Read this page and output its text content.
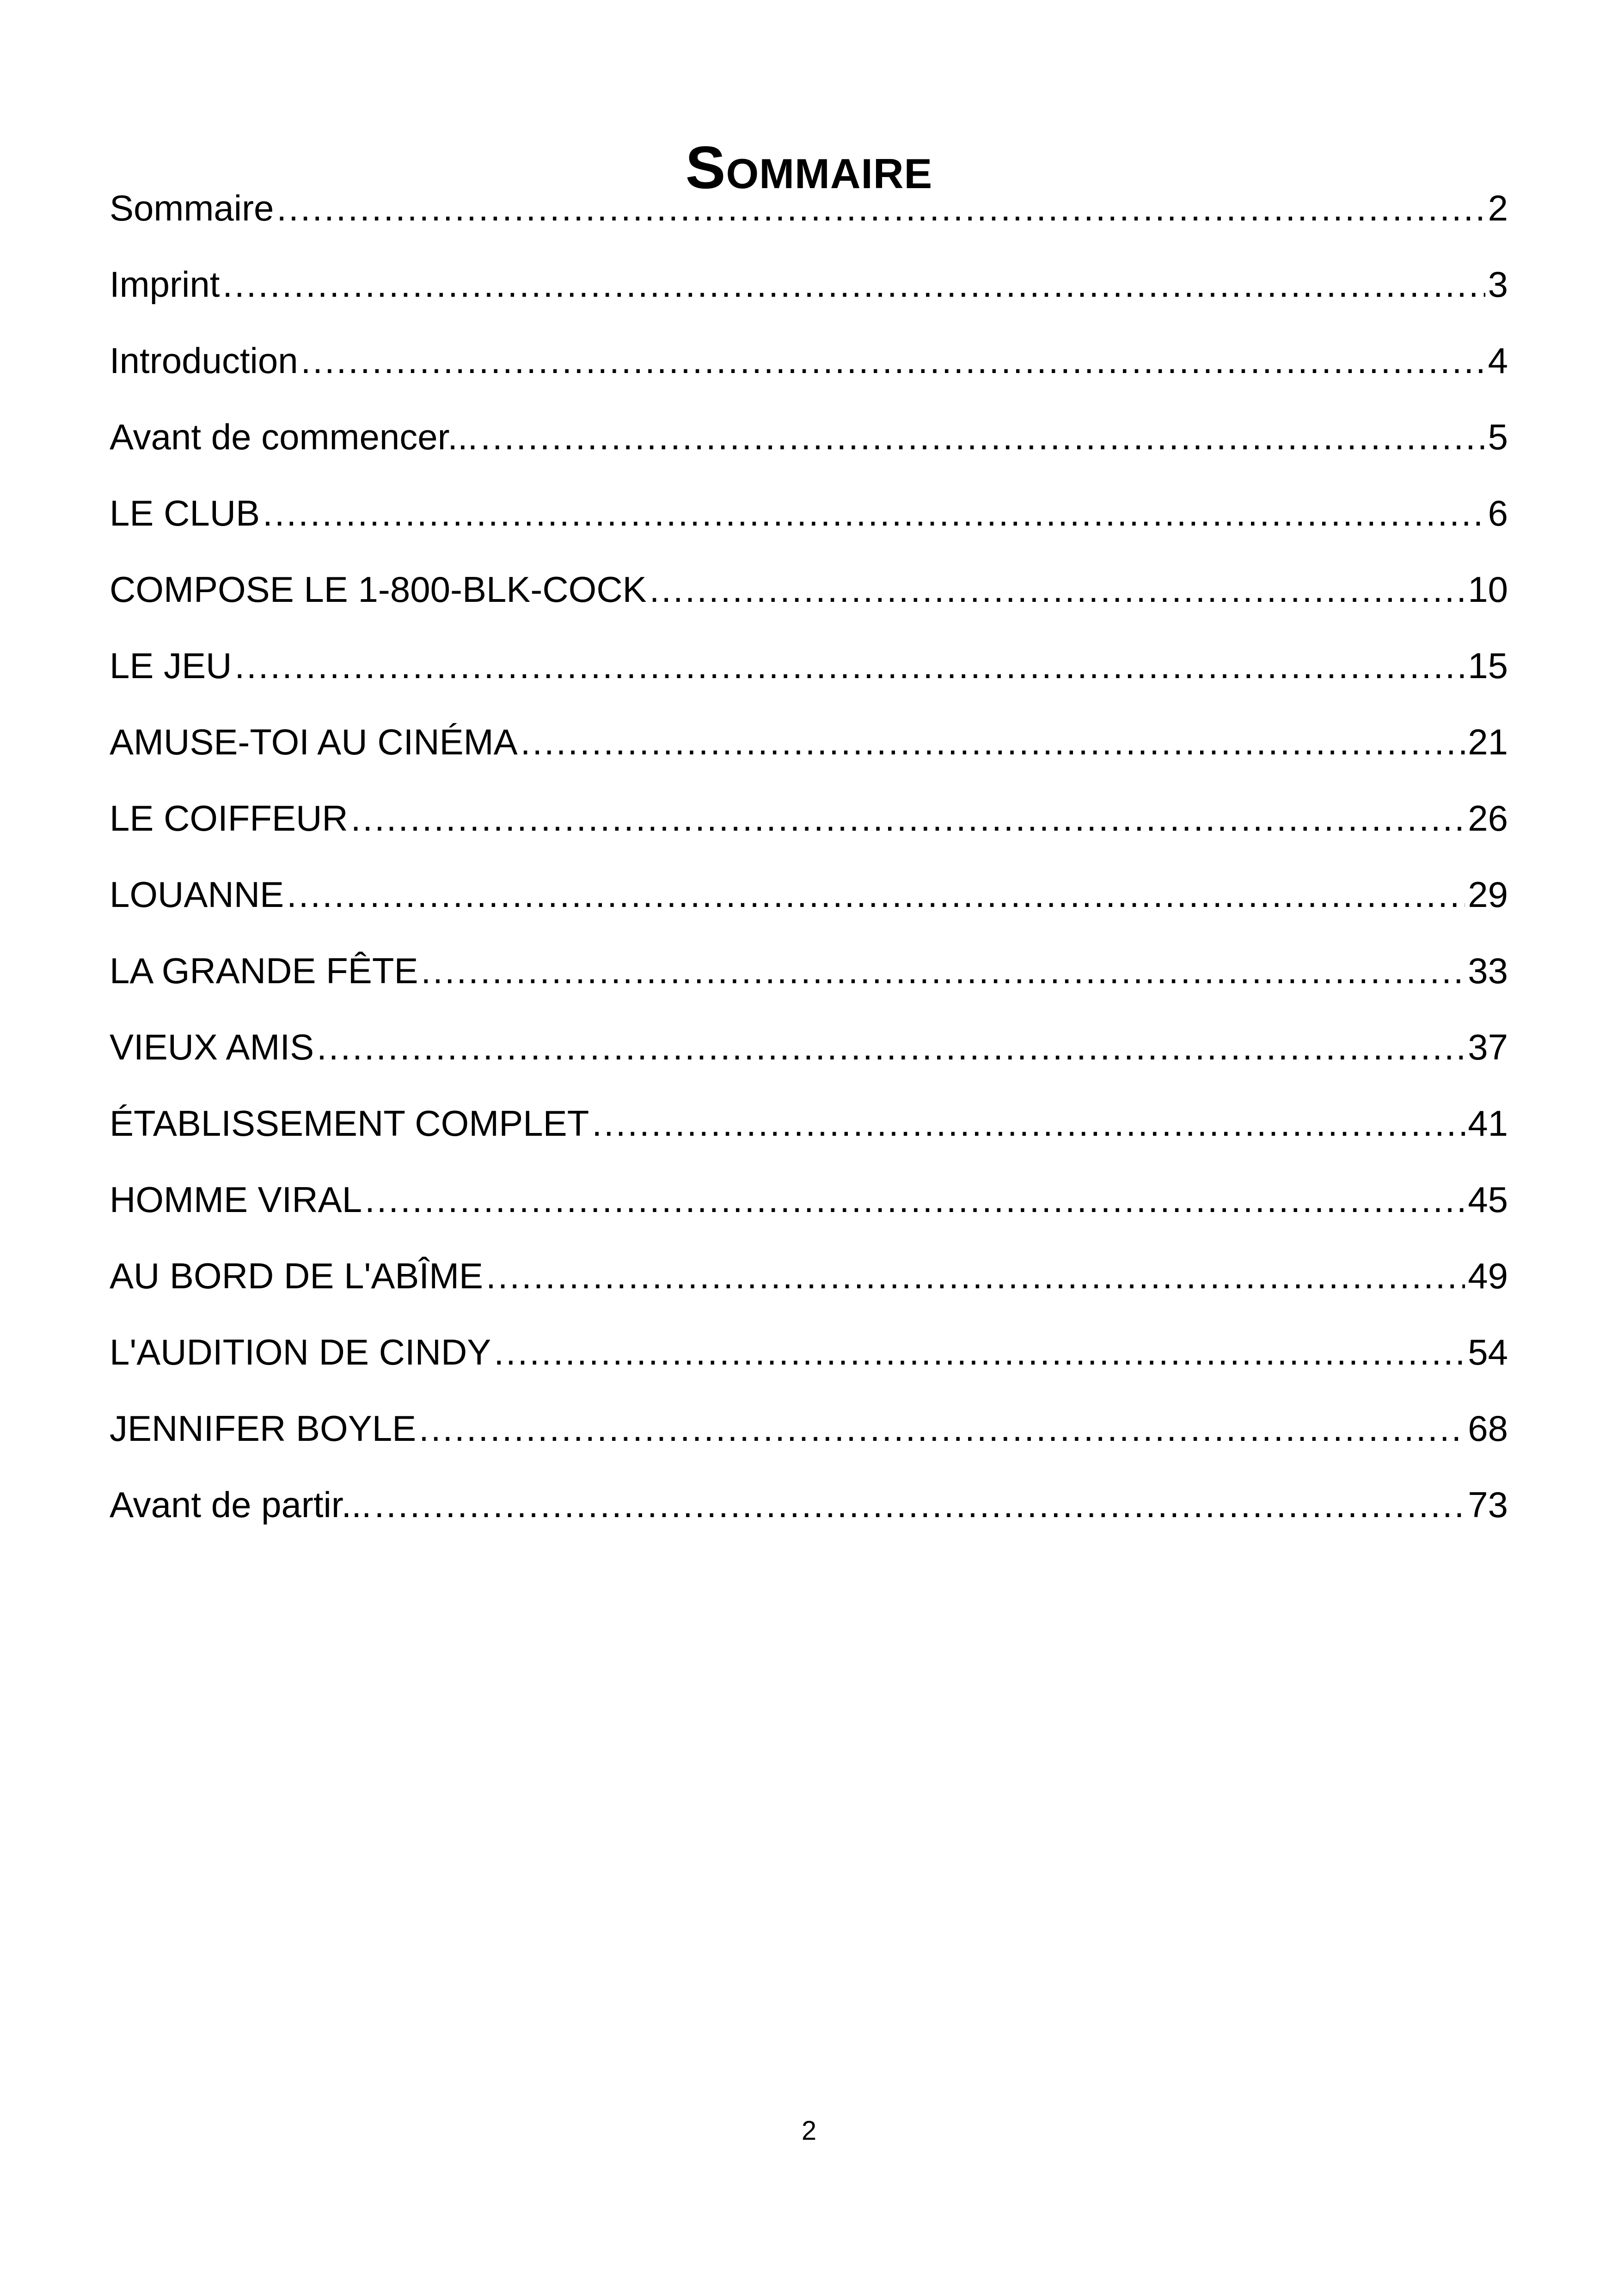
Sommaire
Sommaire .....	2
Imprint .....	3
Introduction .....	4
Avant de commencer... .....	5
LE CLUB .....	6
COMPOSE LE 1-800-BLK-COCK .....	10
LE JEU .....	15
AMUSE-TOI AU CINÉMA .....	21
LE COIFFEUR .....	26
LOUANNE .....	29
LA GRANDE FÊTE .....	33
VIEUX AMIS .....	37
ÉTABLISSEMENT COMPLET .....	41
HOMME VIRAL .....	45
AU BORD DE L'ABÎME .....	49
L'AUDITION DE CINDY .....	54
JENNIFER BOYLE .....	68
Avant de partir... .....	73
2
